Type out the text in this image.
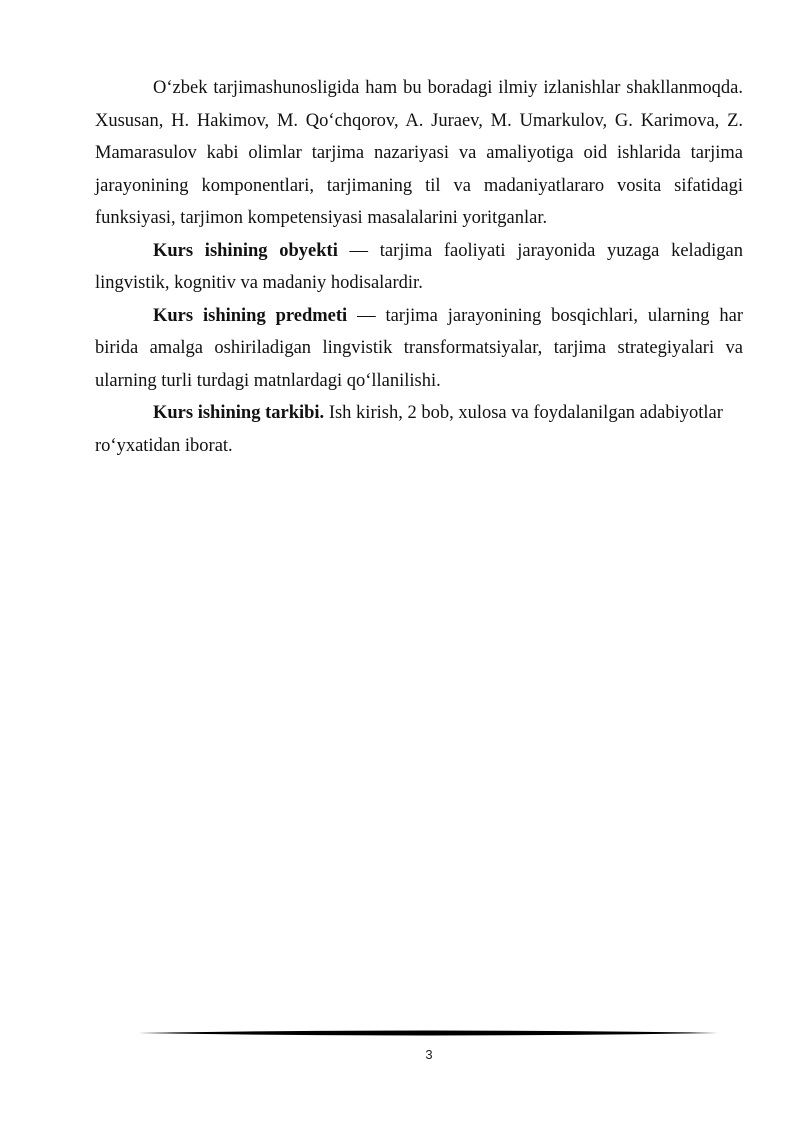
O‘zbek tarjimashunosligida ham bu boradagi ilmiy izlanishlar shakllanmoqda. Xususan, H. Hakimov, M. Qo‘chqorov, A. Juraev, M. Umarkulov, G. Karimova, Z. Mamarasulov kabi olimlar tarjima nazariyasi va amaliyotiga oid ishlarida tarjima jarayonining komponentlari, tarjimaning til va madaniyatlararo vosita sifatidagi funksiyasi, tarjimon kompetensiyasi masalalarini yoritganlar.

Kurs ishining obyekti — tarjima faoliyati jarayonida yuzaga keladigan lingvistik, kognitiv va madaniy hodisalardir.

Kurs ishining predmeti — tarjima jarayonining bosqichlari, ularning har birida amalga oshiriladigan lingvistik transformatsiyalar, tarjima strategiyalari va ularning turli turdagi matnlardagi qo‘llanilishi.

Kurs ishining tarkibi. Ish kirish, 2 bob, xulosa va foydalanilgan adabiyotlar ro‘yxatidan iborat.

3
